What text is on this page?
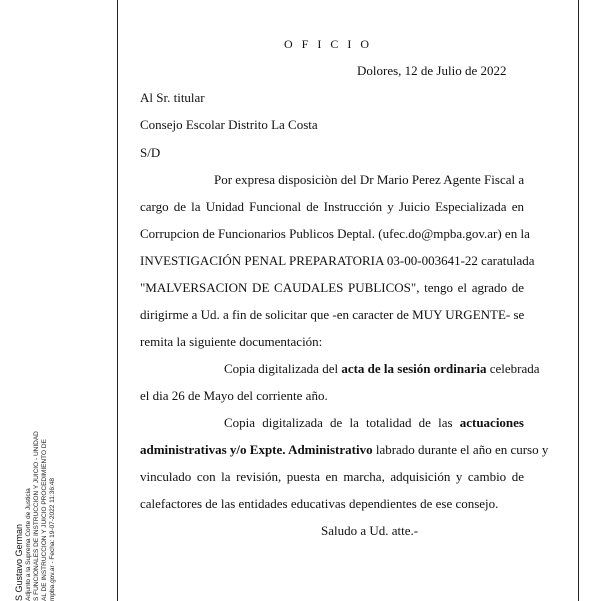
O F I C I O
Dolores, 12 de Julio de 2022
Al Sr. titular
Consejo Escolar Distrito La Costa
S/D
Por expresa disposiciòn del Dr Mario Perez Agente Fiscal a
cargo de la Unidad Funcional de Instrucción y Juicio Especializada en
Corrupcion de Funcionarios Publicos Deptal. (ufec.do@mpba.gov.ar) en la
INVESTIGACIÓN PENAL PREPARATORIA 03-00-003641-22 caratulada
"MALVERSACION DE CAUDALES PUBLICOS", tengo el agrado de
dirigirme a Ud. a fin de solicitar que -en caracter de MUY URGENTE- se
remita la siguiente documentación:
Copia digitalizada del acta de la sesión ordinaria celebrada
el dia 26 de Mayo del corriente año.
Copia digitalizada de la totalidad de las actuaciones
administrativas y/o Expte. Administrativo labrado durante el año en curso y
vinculado con la revisión, puesta en marcha, adquisición y cambio de
calefactores de las entidades educativas dependientes de ese consejo.
Saludo a Ud. atte.-
S Gustavo German Adjunto a la Suprema Corte de Justicia S FUNCIONALES DE INSTRUCCION Y JUICIO - UNIDAD AL DE INSTRUCCION Y JUICIO PROCEDIMIENTO DE mpba.gov.ar - Fecha: 19-07-2022 11:36:48
